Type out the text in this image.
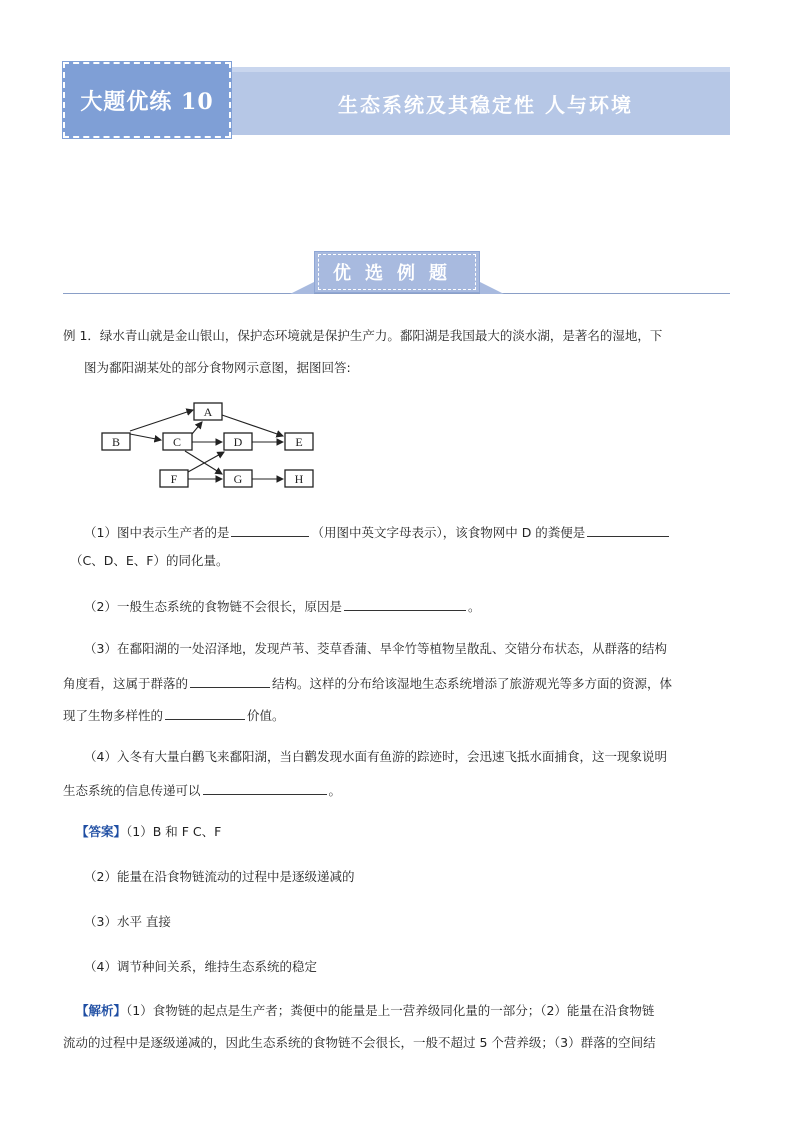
大题优练 10	生态系统及其稳定性 人与环境
优选例题
例 1．绿水青山就是金山银山，保护态环境就是保护生产力。鄱阳湖是我国最大的淡水湖，是著名的湿地，下
图为鄱阳湖某处的部分食物网示意图，据图回答:
A
B	C	D	E
F	G	H
（1）图中表示生产者的是	（用图中英文字母表示），该食物网中 D 的粪便是
（C、D、E、F）的同化量。
（2）一般生态系统的食物链不会很长，原因是	。
（3）在鄱阳湖的一处沼泽地，发现芦苇、茭草香蒲、旱伞竹等植物呈散乱、交错分布状态，从群落的结构
角度看，这属于群落的	结构。这样的分布给该湿地生态系统增添了旅游观光等多方面的资源，体
现了生物多样性的	价值。
（4）入冬有大量白鹳飞来鄱阳湖，当白鹳发现水面有鱼游的踪迹时，会迅速飞抵水面捕食，这一现象说明
生态系统的信息传递可以	。
【答案】（1）B 和 F C、F
（2）能量在沿食物链流动的过程中是逐级递减的
（3）水平 直接
（4）调节种间关系，维持生态系统的稳定
【解析】（1）食物链的起点是生产者；粪便中的能量是上一营养级同化量的一部分；（2）能量在沿食物链
流动的过程中是逐级递减的，因此生态系统的食物链不会很长，一般不超过 5 个营养级；（3）群落的空间结
